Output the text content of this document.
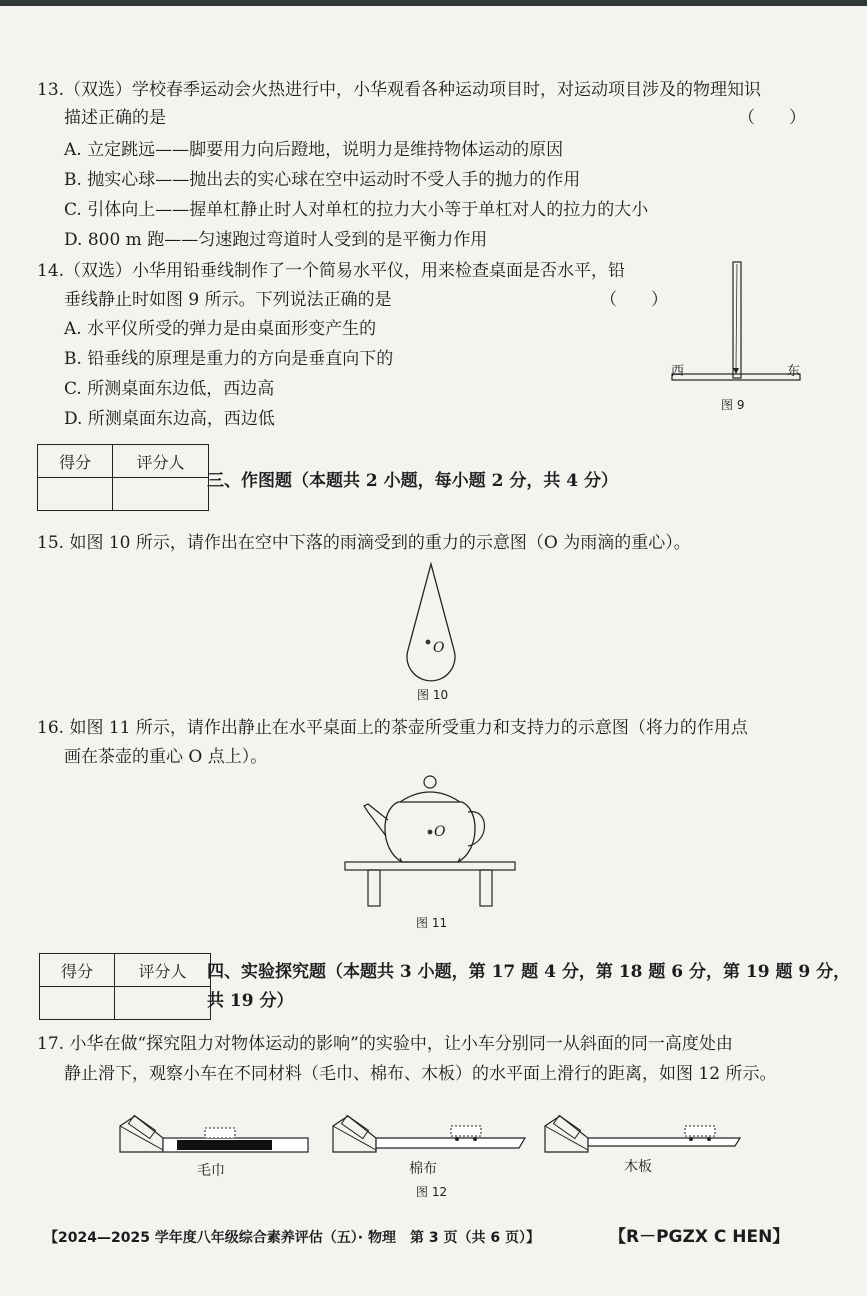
13.（双选）学校春季运动会火热进行中，小华观看各种运动项目时，对运动项目涉及的物理知识
描述正确的是	（　　）
A. 立定跳远——脚要用力向后蹬地，说明力是维持物体运动的原因
B. 抛实心球——抛出去的实心球在空中运动时不受人手的抛力的作用
C. 引体向上——握单杠静止时人对单杠的拉力大小等于单杠对人的拉力的大小
D. 800 m 跑——匀速跑过弯道时人受到的是平衡力作用
14.（双选）小华用铅垂线制作了一个简易水平仪，用来检查桌面是否水平，铅
垂线静止时如图 9 所示。下列说法正确的是	（　　）
A. 水平仪所受的弹力是由桌面形变产生的
B. 铅垂线的原理是重力的方向是垂直向下的
C. 所测桌面东边低，西边高
D. 所测桌面东边高，西边低
西	东
图 9
得分	评分人

三、作图题（本题共 2 小题，每小题 2 分，共 4 分）
15. 如图 10 所示，请作出在空中下落的雨滴受到的重力的示意图（O 为雨滴的重心）。
O
图 10
16. 如图 11 所示，请作出静止在水平桌面上的茶壶所受重力和支持力的示意图（将力的作用点
画在茶壶的重心 O 点上）。
O
图 11
得分	评分人
	四、实验探究题（本题共 3 小题，第 17 题 4 分，第 18 题 6 分，第 19 题 9 分，
共 19 分）
17. 小华在做“探究阻力对物体运动的影响”的实验中，让小车分别同一从斜面的同一高度处由
静止滑下，观察小车在不同材料（毛巾、棉布、木板）的水平面上滑行的距离，如图 12 所示。
毛巾	棉布	木板
图 12
【2024—2025 学年度八年级综合素养评估（五）· 物理　第 3 页（共 6 页）】	【R－PGZX C HEN】
